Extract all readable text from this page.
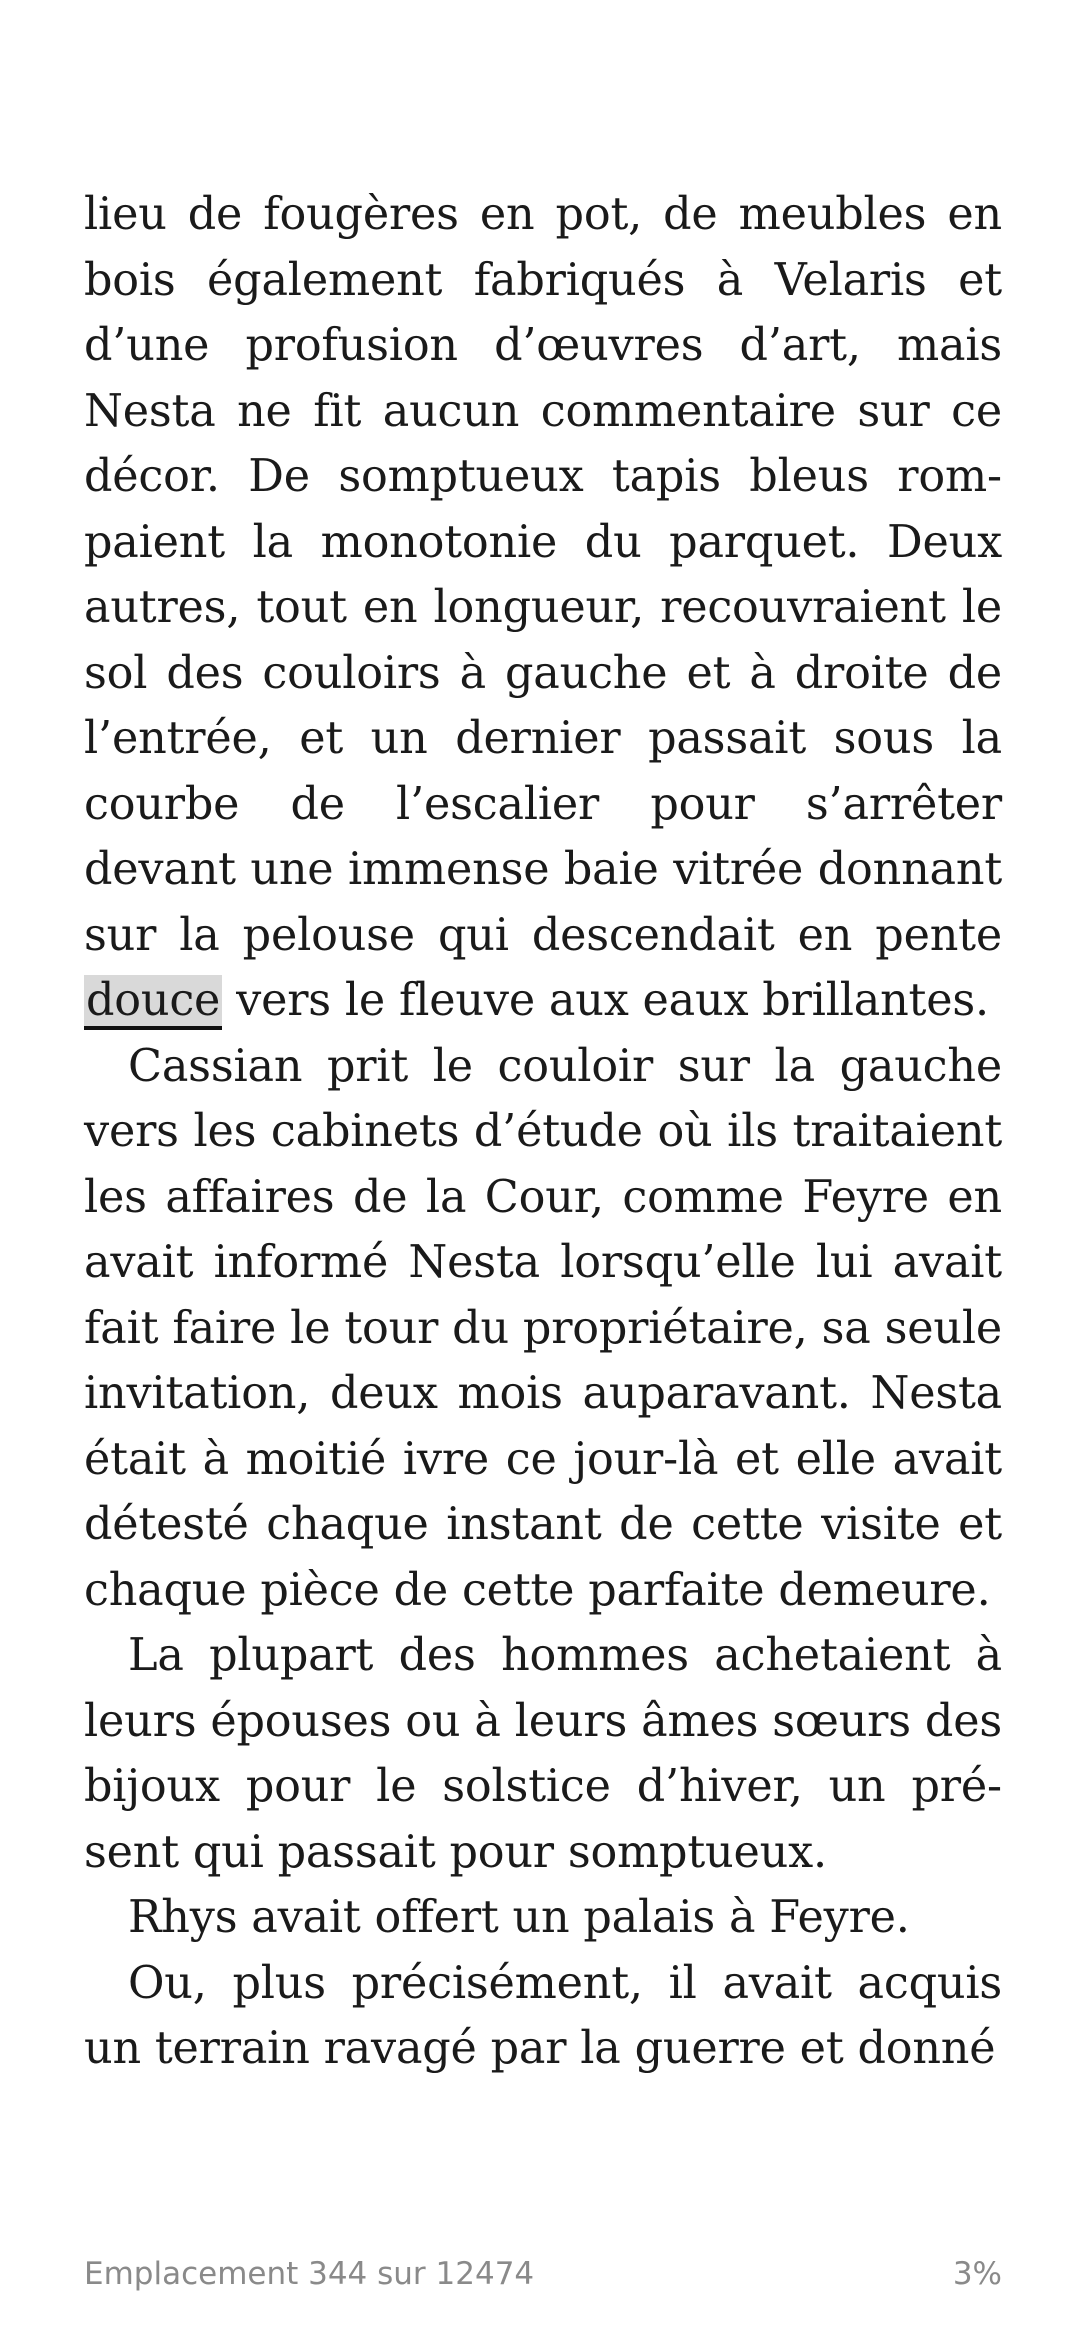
lieu de fougères en pot, de meubles en bois également fabriqués à Velaris et d’une profusion d’œuvres d’art, mais Nesta ne fit aucun commentaire sur ce décor. De somptueux tapis bleus rompaient la monotonie du parquet. Deux autres, tout en longueur, recouvraient le sol des couloirs à gauche et à droite de l’entrée, et un dernier passait sous la courbe de l’escalier pour s’arrêter devant une immense baie vitrée donnant sur la pelouse qui descendait en pente douce vers le fleuve aux eaux brillantes.

Cassian prit le couloir sur la gauche vers les cabinets d’étude où ils traitaient les affaires de la Cour, comme Feyre en avait informé Nesta lorsqu’elle lui avait fait faire le tour du propriétaire, sa seule invitation, deux mois auparavant. Nesta était à moitié ivre ce jour-là et elle avait détesté chaque instant de cette visite et chaque pièce de cette parfaite demeure.

La plupart des hommes achetaient à leurs épouses ou à leurs âmes sœurs des bijoux pour le solstice d’hiver, un présent qui passait pour somptueux.

Rhys avait offert un palais à Feyre.

Ou, plus précisément, il avait acquis un terrain ravagé par la guerre et donné

Emplacement 344 sur 12474	3%
